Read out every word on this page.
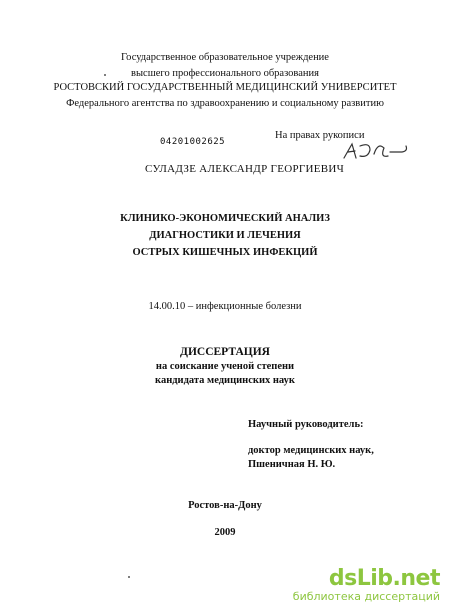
Государственное образовательное учреждение
высшего профессионального образования
РОСТОВСКИЙ ГОСУДАРСТВЕННЫЙ МЕДИЦИНСКИЙ УНИВЕРСИТЕТ
Федерального агентства по здравоохранению и социальному развитию
04201002625
На правах рукописи
СУЛАДЗЕ АЛЕКСАНДР ГЕОРГИЕВИЧ
КЛИНИКО-ЭКОНОМИЧЕСКИЙ АНАЛИЗ
ДИАГНОСТИКИ И ЛЕЧЕНИЯ
ОСТРЫХ КИШЕЧНЫХ ИНФЕКЦИЙ
14.00.10 – инфекционные болезни
ДИССЕРТАЦИЯ
на соискание ученой степени
кандидата медицинских наук
Научный руководитель:
доктор медицинских наук,
Пшеничная Н. Ю.
Ростов-на-Дону
2009
dsLib.net
библиотека диссертаций
